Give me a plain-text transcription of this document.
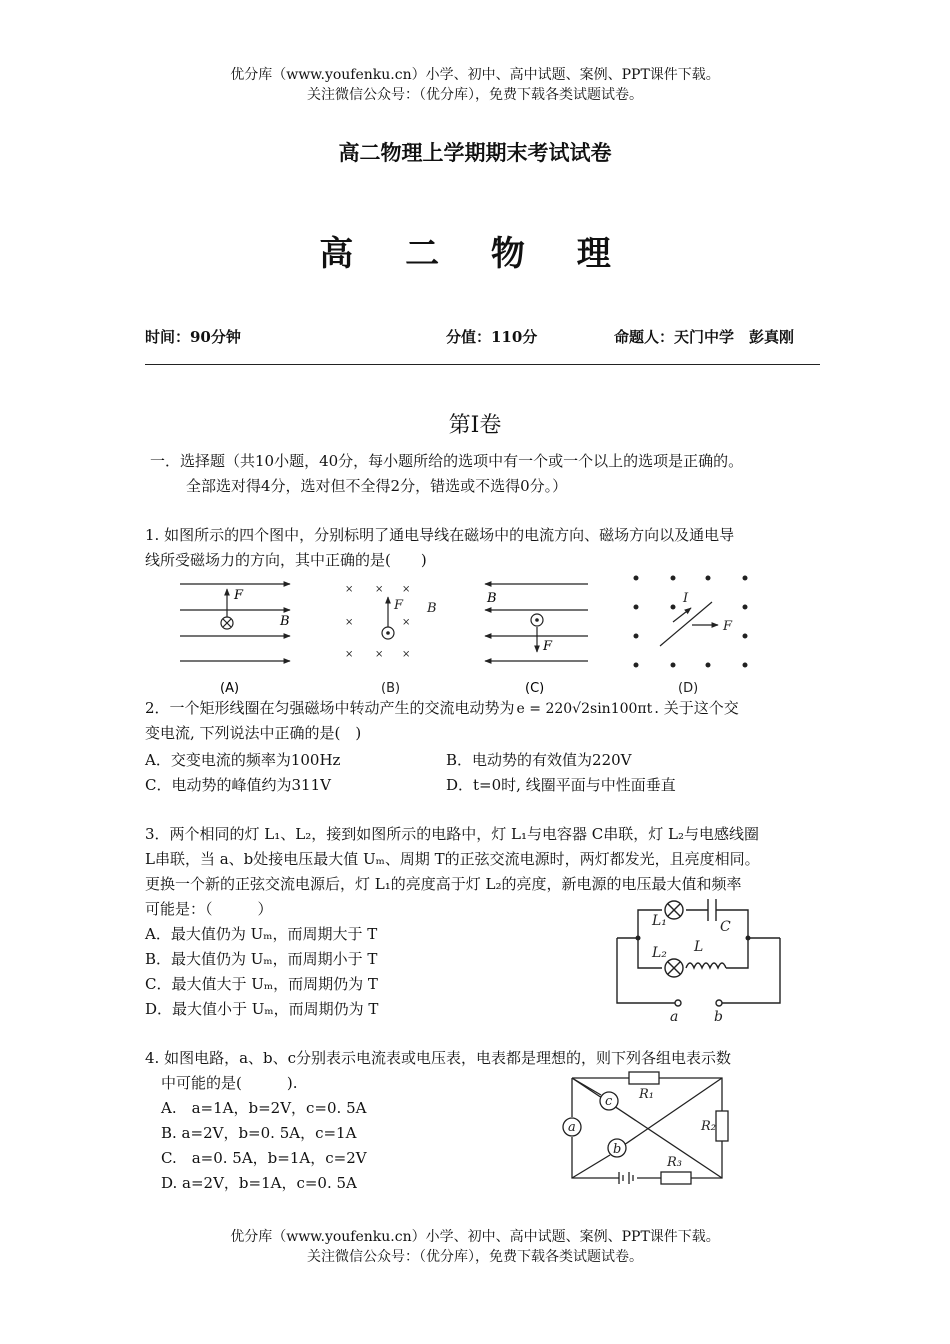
优分库（www.youfenku.cn）小学、初中、高中试题、案例、PPT课件下载。
关注微信公众号：（优分库），免费下载各类试题试卷。
高二物理上学期期末考试试卷
高 二 物 理
时间：90分钟	分值：110分	命题人：天门中学　彭真刚
第Ⅰ卷
一．选择题（共10小题，40分，每小题所给的选项中有一个或一个以上的选项是正确的。
全部选对得4分，选对但不全得2分，错选或不选得0分。）
1. 如图所示的四个图中，分别标明了通电导线在磁场中的电流方向、磁场方向以及通电导
线所受磁场力的方向，其中正确的是(　　)
F
B
(A)
× × ×
×	×
× × ×
F B
(B)
F
B
(C)
I
F
(D)
2．一个矩形线圈在匀强磁场中转动产生的交流电动势为 e = 220√2sin100πt . 关于这个交
变电流, 下列说法中正确的是(　)
A．交变电流的频率为100Hz	B．电动势的有效值为220V
C．电动势的峰值约为311V	D．t=0时, 线圈平面与中性面垂直
3．两个相同的灯 L₁、L₂，接到如图所示的电路中，灯 L₁与电容器 C串联，灯 L₂与电感线圈
L串联，当 a、b处接电压最大值 Uₘ、周期 T的正弦交流电源时，两灯都发光，且亮度相同。
更换一个新的正弦交流电源后，灯 L₁的亮度高于灯 L₂的亮度，新电源的电压最大值和频率
可能是：（　　　）
A．最大值仍为 Uₘ，而周期大于 T
B．最大值仍为 Uₘ，而周期小于 T
C．最大值大于 Uₘ，而周期仍为 T
D．最大值小于 Uₘ，而周期仍为 T
L₁	C
L₂ L
a	b
4. 如图电路，a、b、c分别表示电流表或电压表，电表都是理想的，则下列各组电表示数
中可能的是(　　　).
A.　a=1A，b=2V，c=0. 5A
B. a=2V，b=0. 5A，c=1A
C.　a=0. 5A，b=1A，c=2V
D. a=2V，b=1A，c=0. 5A
a
c
b
R₁
R₂
R₃
优分库（www.youfenku.cn）小学、初中、高中试题、案例、PPT课件下载。
关注微信公众号：（优分库），免费下载各类试题试卷。
